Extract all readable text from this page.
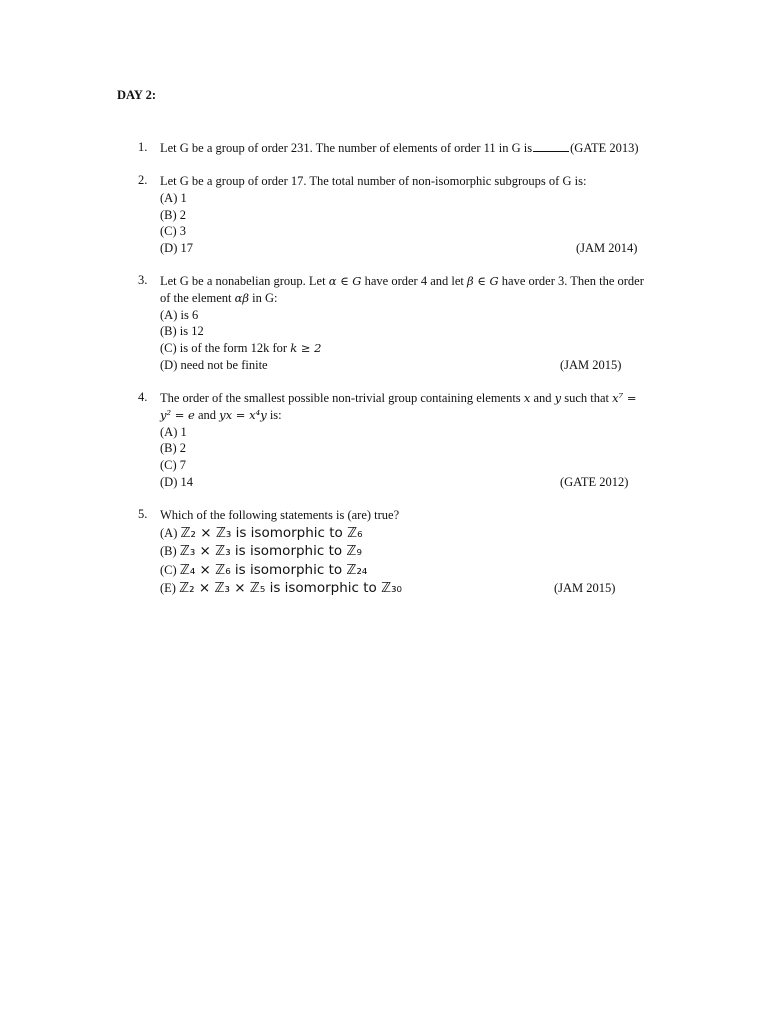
DAY 2:
1. Let G be a group of order 231. The number of elements of order 11 in G is	(GATE 2013)
2. Let G be a group of order 17. The total number of non-isomorphic subgroups of G is:
(A) 1
(B) 2
(C) 3
(D) 17	(JAM 2014)
3. Let G be a nonabelian group. Let α ∈ G have order 4 and let β ∈ G have order 3. Then the order
of the element αβ in G:
(A) is 6
(B) is 12
(C) is of the form 12k for k ≥ 2
(D) need not be finite	(JAM 2015)
4. The order of the smallest possible non-trivial group containing elements x and y such that x⁷ =
y² = e and yx = x⁴y is:
(A) 1
(B) 2
(C) 7
(D) 14	(GATE 2012)
5. Which of the following statements is (are) true?
(A) ℤ₂ × ℤ₃ is isomorphic to ℤ₆
(B) ℤ₃ × ℤ₃ is isomorphic to ℤ₉
(C) ℤ₄ × ℤ₆ is isomorphic to ℤ₂₄
(E) ℤ₂ × ℤ₃ × ℤ₅ is isomorphic to ℤ₃₀	(JAM 2015)
